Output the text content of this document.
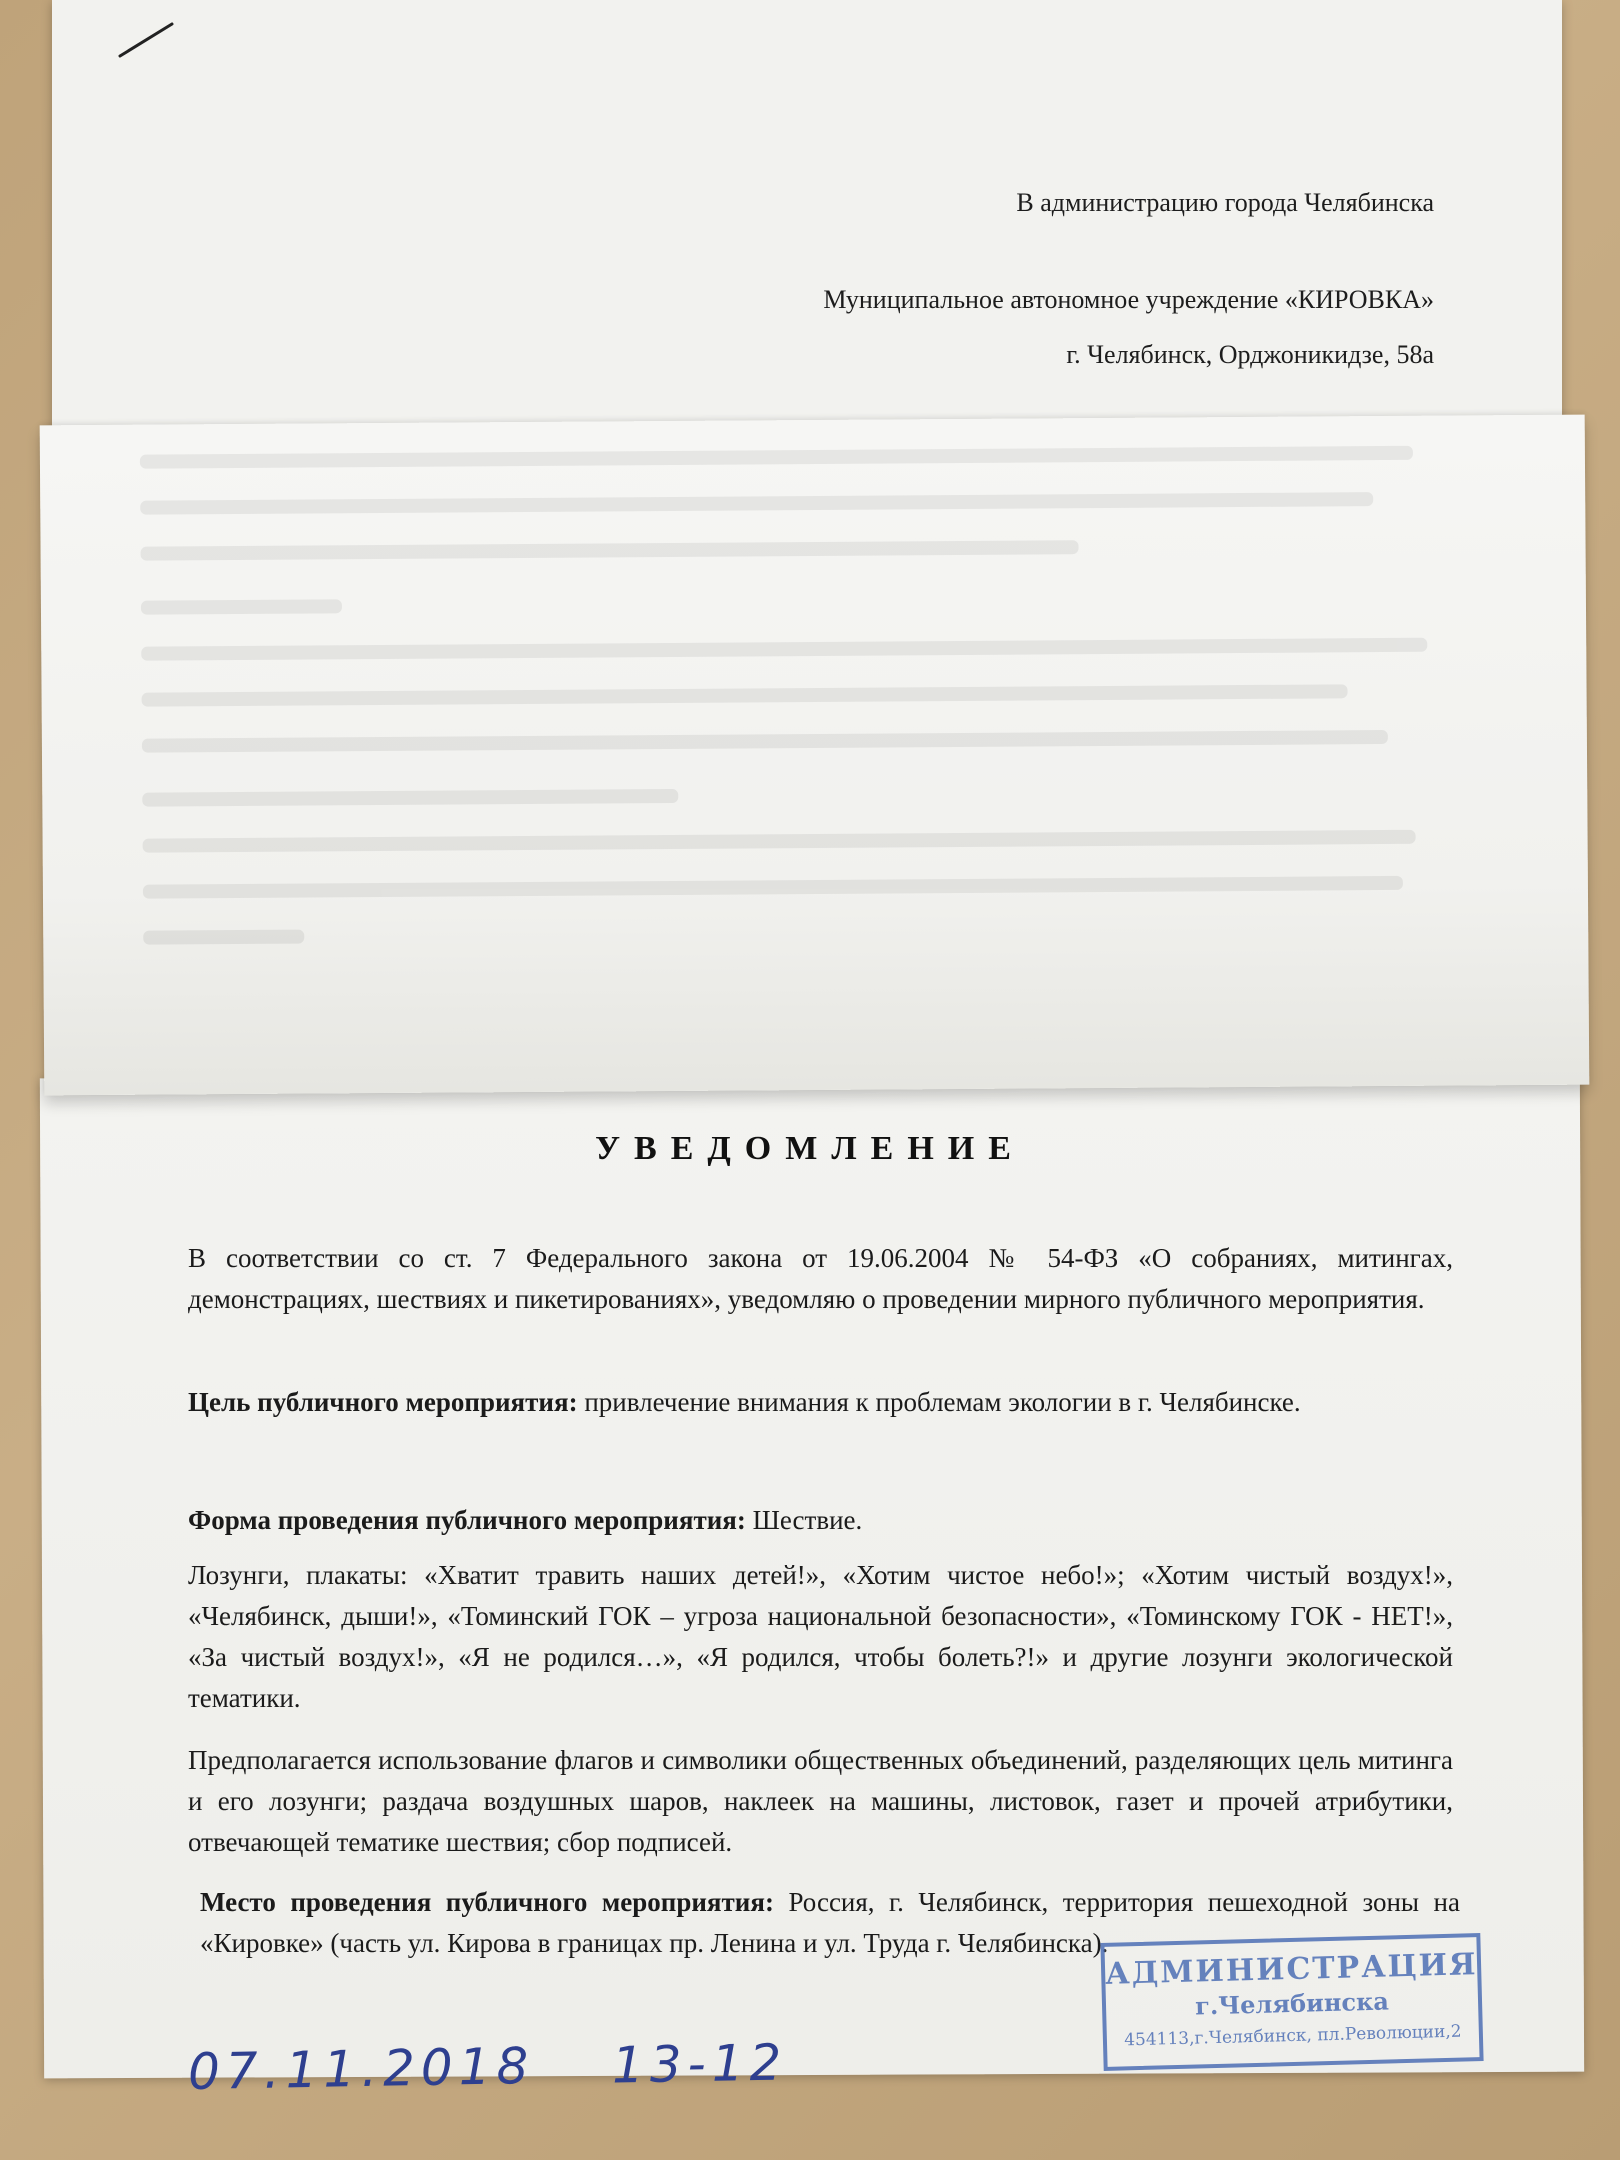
В администрацию города Челябинска
Муниципальное автономное учреждение «КИРОВКА»
г. Челябинск, Орджоникидзе, 58а
УВЕДОМЛЕНИЕ
В соответствии со ст. 7 Федерального закона от 19.06.2004 № 54-ФЗ «О собраниях, митингах, демонстрациях, шествиях и пикетированиях», уведомляю о проведении мирного публичного мероприятия.
Цель публичного мероприятия: привлечение внимания к проблемам экологии в г. Челябинске.
Форма проведения публичного мероприятия: Шествие.
Лозунги, плакаты: «Хватит травить наших детей!», «Хотим чистое небо!»; «Хотим чистый воздух!», «Челябинск, дыши!», «Томинский ГОК – угроза национальной безопасности», «Томинскому ГОК - НЕТ!», «За чистый воздух!», «Я не родился…», «Я родился, чтобы болеть?!» и другие лозунги экологической тематики.
Предполагается использование флагов и символики общественных объединений, разделяющих цель митинга и его лозунги; раздача воздушных шаров, наклеек на машины, листовок, газет и прочей атрибутики, отвечающей тематике шествия; сбор подписей.
Место проведения публичного мероприятия: Россия, г. Челябинск, территория пешеходной зоны на «Кировке» (часть ул. Кирова в границах пр. Ленина и ул. Труда г. Челябинска).
АДМИНИСТРАЦИЯ
г.Челябинска
454113,г.Челябинск, пл.Революции,2
07.11.2018 13-12
